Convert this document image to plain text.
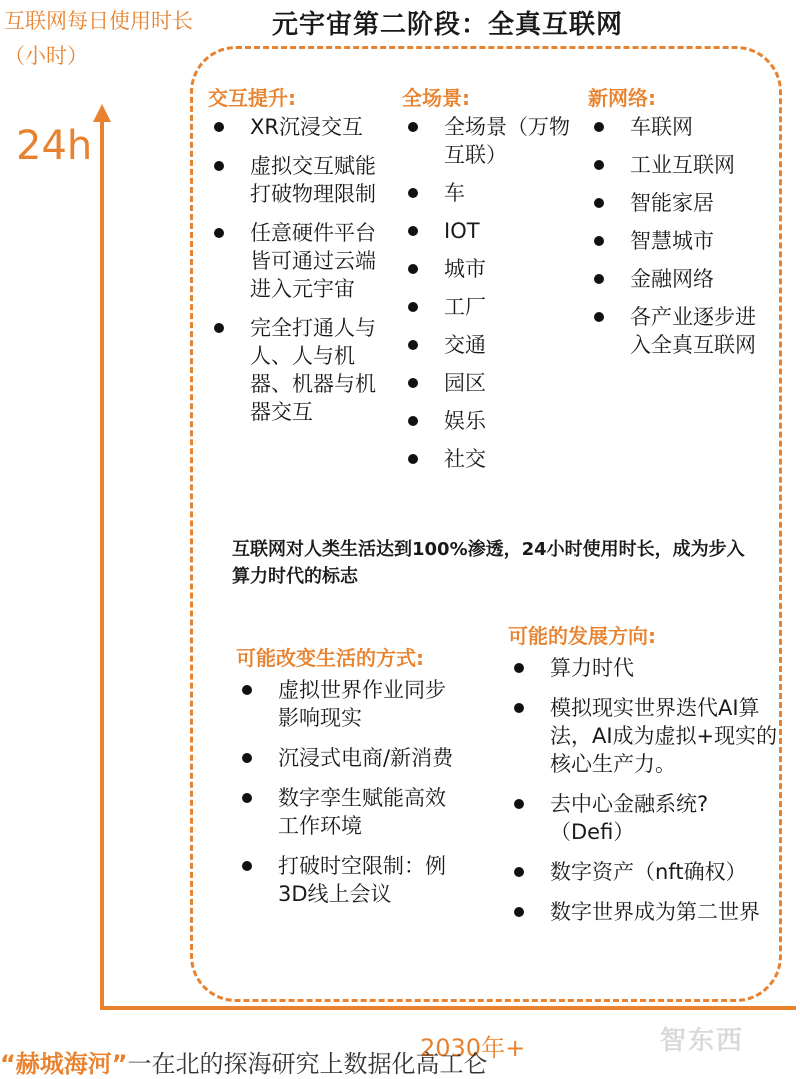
互联网每日使用时长
（小时）
元宇宙第二阶段：全真互联网
24h
交互提升:
XR沉浸交互
虚拟交互赋能打破物理限制
任意硬件平台皆可通过云端进入元宇宙
完全打通人与人、人与机器、机器与机器交互
全场景:
全场景（万物互联）
车
IOT
城市
工厂
交通
园区
娱乐
社交
新网络:
车联网
工业互联网
智能家居
智慧城市
金融网络
各产业逐步进入全真互联网
互联网对人类生活达到100%渗透，24小时使用时长，成为步入算力时代的标志
可能改变生活的方式:
虚拟世界作业同步影响现实
沉浸式电商/新消费
数字孪生赋能高效工作环境
打破时空限制：例3D线上会议
可能的发展方向:
算力时代
模拟现实世界迭代AI算法，AI成为虚拟+现实的核心生产力。
去中心金融系统?（Defi）
数字资产（nft确权）
数字世界成为第二世界
2030年+
“赫城海河”一在北的探海研究上数据化高工仑
智东西
